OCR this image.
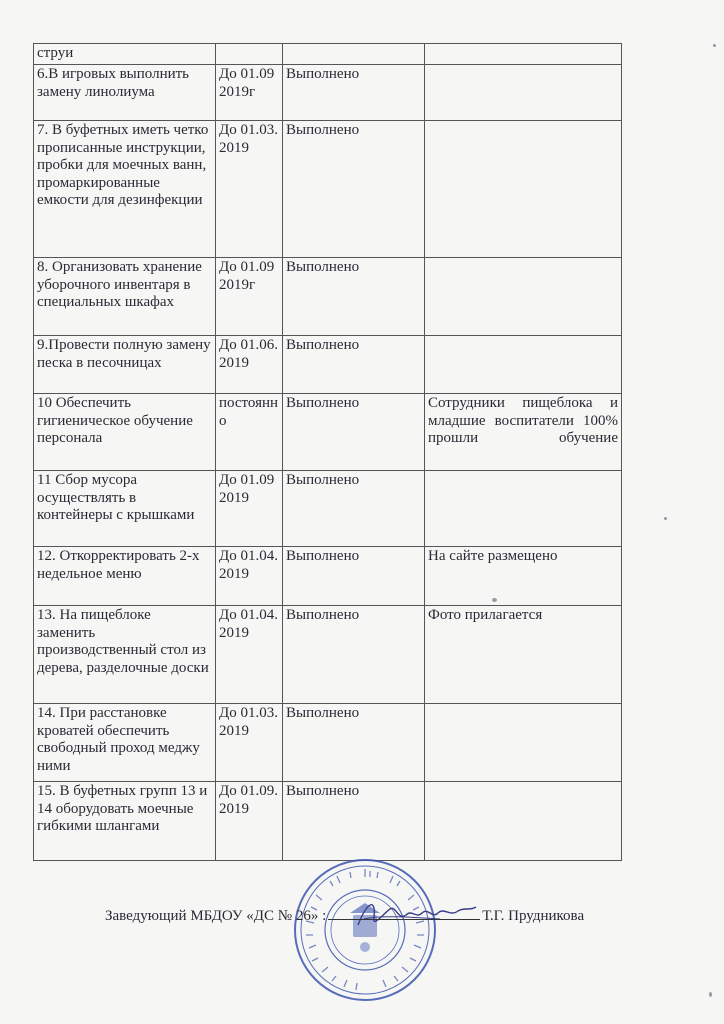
струи			
6.В игровых выполнить замену линолиума	До 01.09 2019г	Выполнено	
7. В буфетных иметь четко прописанные инструкции, пробки для моечных ванн, промаркированные емкости для дезинфекции	До 01.03. 2019	Выполнено	
8. Организовать хранение уборочного инвентаря в специальных шкафах	До 01.09 2019г	Выполнено	
9.Провести полную замену песка в песочницах	До 01.06. 2019	Выполнено	
10 Обеспечить гигиеническое обучение персонала	постоянно	Выполнено	Сотрудники пищеблока и младшие воспитатели 100% прошли обучение
11 Сбор мусора осуществлять в контейнеры с крышками	До 01.09 2019	Выполнено	
12. Откорректировать 2-х недельное меню	До 01.04. 2019	Выполнено	На сайте размещено
13. На пищеблоке заменить производственный стол из дерева, разделочные доски	До 01.04. 2019	Выполнено	Фото прилагается
14. При расстановке кроватей обеспечить свободный проход меджу ними	До 01.03. 2019	Выполнено	
15. В буфетных групп 13 и 14 оборудовать моечные гибкими шлангами	До 01.09.2019	Выполнено	
Заведующий МБДОУ «ДС № 26» :	Т.Г. Прудникова
